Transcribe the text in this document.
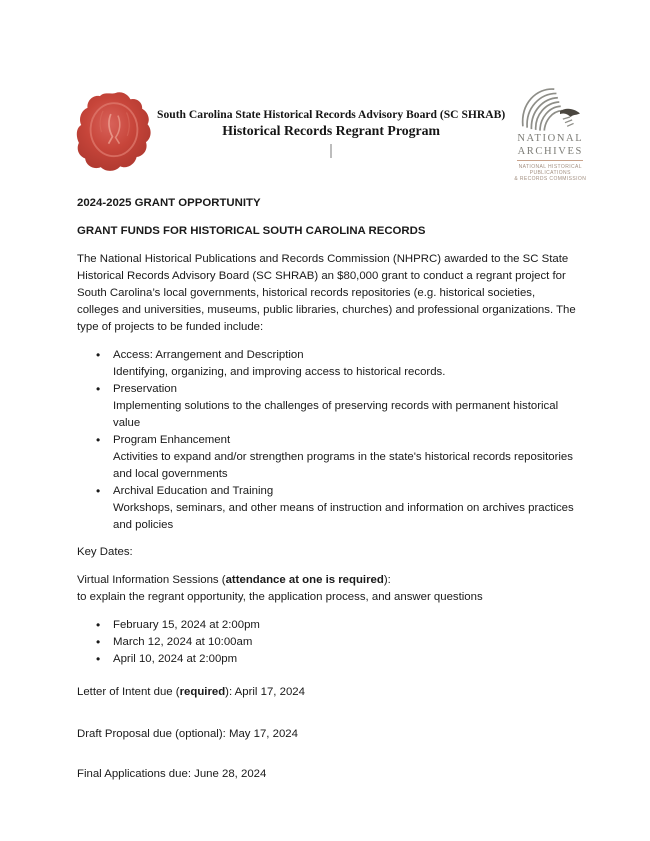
South Carolina State Historical Records Advisory Board (SC SHRAB)
Historical Records Regrant Program
NATIONAL
ARCHIVES
NATIONAL HISTORICAL
PUBLICATIONS
& RECORDS COMMISSION
2024-2025 GRANT OPPORTUNITY
GRANT FUNDS FOR HISTORICAL SOUTH CAROLINA RECORDS

The National Historical Publications and Records Commission (NHPRC) awarded to the SC State Historical Records Advisory Board (SC SHRAB) an $80,000 grant to conduct a regrant project for South Carolina’s local governments, historical records repositories (e.g. historical societies, colleges and universities, museums, public libraries, churches) and professional organizations. The type of projects to be funded include:

• Access: Arrangement and Description
Identifying, organizing, and improving access to historical records.
• Preservation
Implementing solutions to the challenges of preserving records with permanent historical value
• Program Enhancement
Activities to expand and/or strengthen programs in the state's historical records repositories and local governments
• Archival Education and Training
Workshops, seminars, and other means of instruction and information on archives practices and policies

Key Dates:

Virtual Information Sessions (attendance at one is required):
to explain the regrant opportunity, the application process, and answer questions

• February 15, 2024 at 2:00pm
• March 12, 2024 at 10:00am
• April 10, 2024 at 2:00pm

Letter of Intent due (required): April 17, 2024

Draft Proposal due (optional): May 17, 2024

Final Applications due: June 28, 2024
